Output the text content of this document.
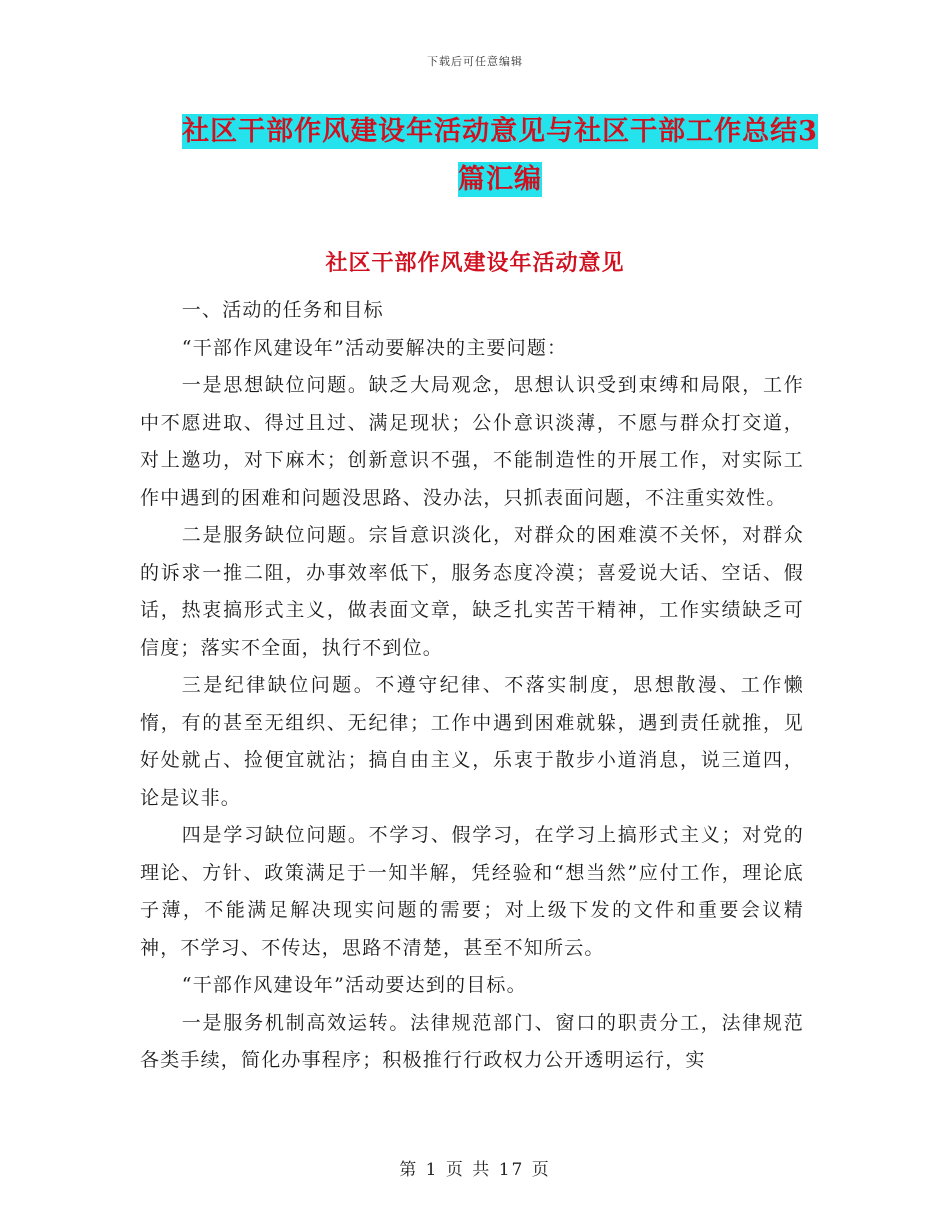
下载后可任意编辑
社区干部作风建设年活动意见与社区干部工作总结3篇汇编
社区干部作风建设年活动意见

一、活动的任务和目标

“干部作风建设年”活动要解决的主要问题：

一是思想缺位问题。缺乏大局观念，思想认识受到束缚和局限，工作中不愿进取、得过且过、满足现状；公仆意识淡薄，不愿与群众打交道，对上邀功，对下麻木；创新意识不强，不能制造性的开展工作，对实际工作中遇到的困难和问题没思路、没办法，只抓表面问题，不注重实效性。

二是服务缺位问题。宗旨意识淡化，对群众的困难漠不关怀，对群众的诉求一推二阻，办事效率低下，服务态度冷漠；喜爱说大话、空话、假话，热衷搞形式主义，做表面文章，缺乏扎实苦干精神，工作实绩缺乏可信度；落实不全面，执行不到位。

三是纪律缺位问题。不遵守纪律、不落实制度，思想散漫、工作懒惰，有的甚至无组织、无纪律；工作中遇到困难就躲，遇到责任就推，见好处就占、捡便宜就沾；搞自由主义，乐衷于散步小道消息，说三道四，论是议非。

四是学习缺位问题。不学习、假学习，在学习上搞形式主义；对党的理论、方针、政策满足于一知半解，凭经验和“想当然”应付工作，理论底子薄，不能满足解决现实问题的需要；对上级下发的文件和重要会议精神，不学习、不传达，思路不清楚，甚至不知所云。

“干部作风建设年”活动要达到的目标。

一是服务机制高效运转。法律规范部门、窗口的职责分工，法律规范各类手续，简化办事程序；积极推行行政权力公开透明运行，实

第 1 页 共 17 页
